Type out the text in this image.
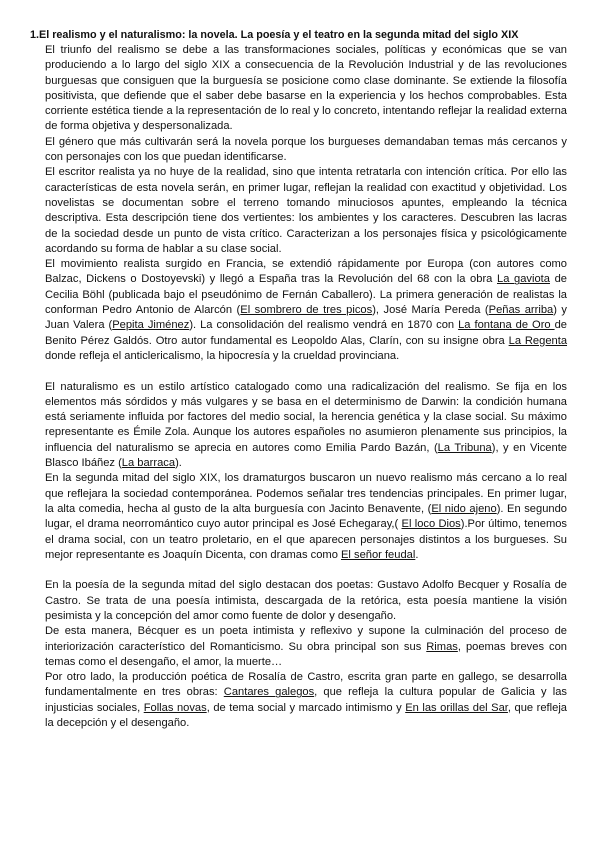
1.El realismo y el naturalismo: la novela. La poesía y el teatro en la segunda mitad del siglo XIX

El triunfo del realismo se debe a las transformaciones sociales, políticas y económicas que se van produciendo a lo largo del siglo XIX a consecuencia de la Revolución Industrial y de las revoluciones burguesas que consiguen que la burguesía se posicione como clase dominante. Se extiende la filosofía positivista, que defiende que el saber debe basarse en la experiencia y los hechos comprobables. Esta corriente estética tiende a la representación de lo real y lo concreto, intentando reflejar la realidad externa de forma objetiva y despersonalizada.

El género que más cultivarán será la novela porque los burgueses demandaban temas más cercanos y con personajes con los que puedan identificarse.

El escritor realista ya no huye de la realidad, sino que intenta retratarla con intención crítica. Por ello las características de esta novela serán, en primer lugar, reflejan la realidad con exactitud y objetividad. Los novelistas se documentan sobre el terreno tomando minuciosos apuntes, empleando la técnica descriptiva. Esta descripción tiene dos vertientes: los ambientes y los caracteres. Descubren las lacras de la sociedad desde un punto de vista crítico. Caracterizan a los personajes física y psicológicamente acordando su forma de hablar a su clase social.

El movimiento realista surgido en Francia, se extendió rápidamente por Europa (con autores como Balzac, Dickens o Dostoyevski) y llegó a España tras la Revolución del 68 con la obra La gaviota de Cecilia Böhl (publicada bajo el pseudónimo de Fernán Caballero). La primera generación de realistas la conforman Pedro Antonio de Alarcón (El sombrero de tres picos), José María Pereda (Peñas arriba) y Juan Valera (Pepita Jiménez). La consolidación del realismo vendrá en 1870 con La fontana de Oro de Benito Pérez Galdós. Otro autor fundamental es Leopoldo Alas, Clarín, con su insigne obra La Regenta donde refleja el anticlericalismo, la hipocresía y la crueldad provinciana.

El naturalismo es un estilo artístico catalogado como una radicalización del realismo. Se fija en los elementos más sórdidos y más vulgares y se basa en el determinismo de Darwin: la condición humana está seriamente influida por factores del medio social, la herencia genética y la clase social. Su máximo representante es Émile Zola. Aunque los autores españoles no asumieron plenamente sus principios, la influencia del naturalismo se aprecia en autores como Emilia Pardo Bazán, (La Tribuna), y en Vicente Blasco Ibáñez (La barraca).

En la segunda mitad del siglo XIX, los dramaturgos buscaron un nuevo realismo más cercano a lo real que reflejara la sociedad contemporánea. Podemos señalar tres tendencias principales. En primer lugar, la alta comedia, hecha al gusto de la alta burguesía con Jacinto Benavente, (El nido ajeno). En segundo lugar, el drama neorromántico cuyo autor principal es José Echegaray,( El loco Dios).Por último, tenemos el drama social, con un teatro proletario, en el que aparecen personajes distintos a los burgueses. Su mejor representante es Joaquín Dicenta, con dramas como El señor feudal.

En la poesía de la segunda mitad del siglo destacan dos poetas: Gustavo Adolfo Becquer y Rosalía de Castro. Se trata de una poesía intimista, descargada de la retórica, esta poesía mantiene la visión pesimista y la concepción del amor como fuente de dolor y desengaño.

De esta manera, Bécquer es un poeta intimista y reflexivo y supone la culminación del proceso de interiorización característico del Romanticismo. Su obra principal son sus Rimas, poemas breves con temas como el desengaño, el amor, la muerte…

Por otro lado, la producción poética de Rosalía de Castro, escrita gran parte en gallego, se desarrolla fundamentalmente en tres obras: Cantares galegos, que refleja la cultura popular de Galicia y las injusticias sociales, Follas novas, de tema social y marcado intimismo y En las orillas del Sar, que refleja la decepción y el desengaño.
